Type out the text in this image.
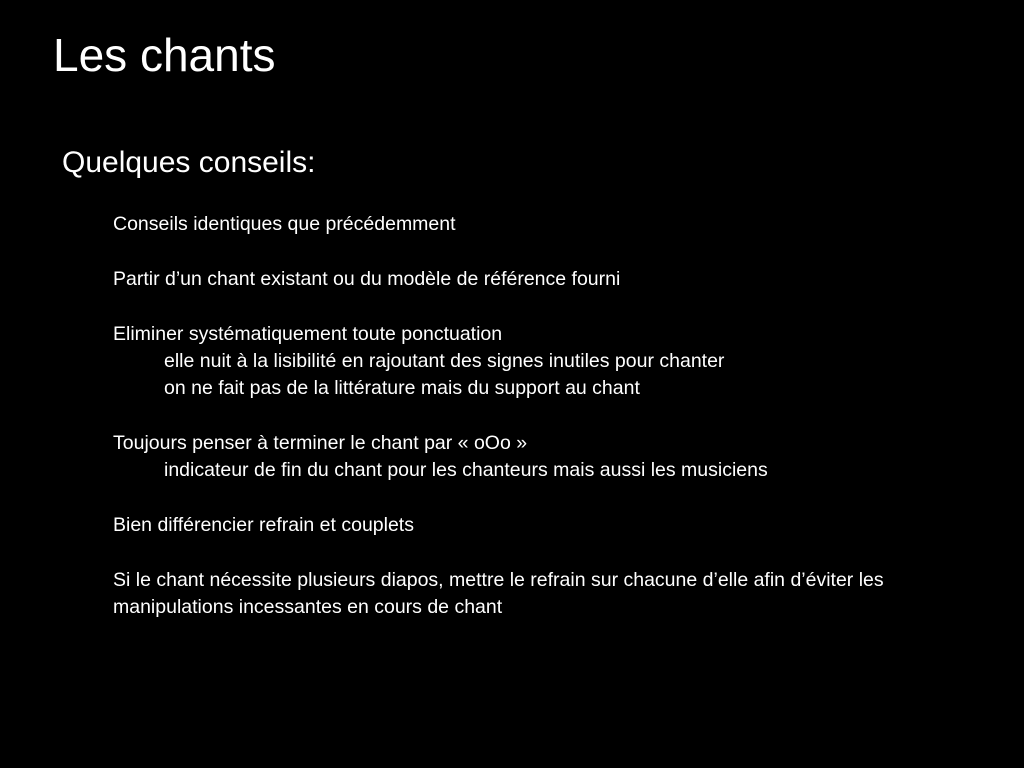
Les chants
Quelques conseils:
Conseils identiques que précédemment
Partir d’un chant existant ou du modèle de référence fourni
Eliminer systématiquement toute ponctuation
elle nuit à la lisibilité en rajoutant des signes inutiles pour chanter
on ne fait pas de la littérature mais du support au chant
Toujours penser à terminer le chant par « oOo »
indicateur de fin du chant pour les chanteurs mais aussi les musiciens
Bien différencier refrain et couplets
Si le chant nécessite plusieurs diapos, mettre le refrain sur chacune d’elle afin d’éviter les
manipulations incessantes en cours de chant
